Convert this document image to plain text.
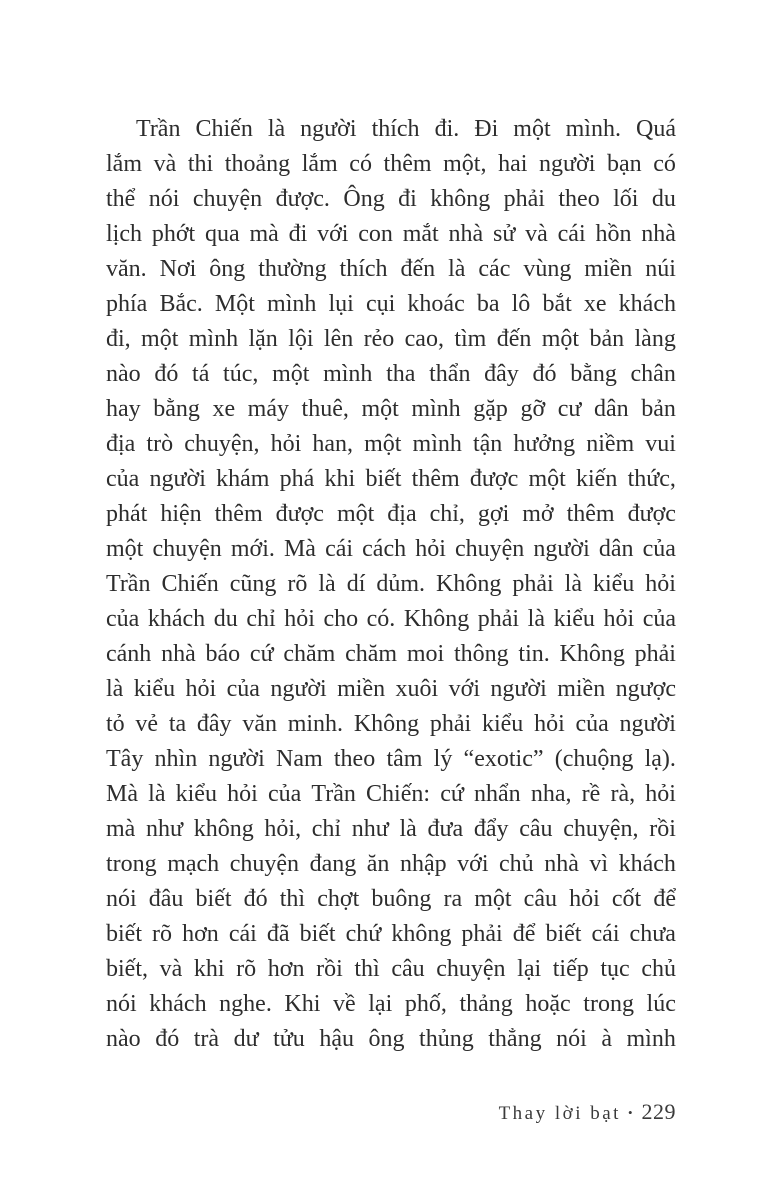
Trần Chiến là người thích đi. Đi một mình. Quá
lắm và thi thoảng lắm có thêm một, hai người bạn có
thể nói chuyện được. Ông đi không phải theo lối du
lịch phớt qua mà đi với con mắt nhà sử và cái hồn nhà
văn. Nơi ông thường thích đến là các vùng miền núi
phía Bắc. Một mình lụi cụi khoác ba lô bắt xe khách
đi, một mình lặn lội lên rẻo cao, tìm đến một bản làng
nào đó tá túc, một mình tha thẩn đây đó bằng chân
hay bằng xe máy thuê, một mình gặp gỡ cư dân bản
địa trò chuyện, hỏi han, một mình tận hưởng niềm vui
của người khám phá khi biết thêm được một kiến thức,
phát hiện thêm được một địa chỉ, gợi mở thêm được
một chuyện mới. Mà cái cách hỏi chuyện người dân của
Trần Chiến cũng rõ là dí dủm. Không phải là kiểu hỏi
của khách du chỉ hỏi cho có. Không phải là kiểu hỏi của
cánh nhà báo cứ chăm chăm moi thông tin. Không phải
là kiểu hỏi của người miền xuôi với người miền ngược
tỏ vẻ ta đây văn minh. Không phải kiểu hỏi của người
Tây nhìn người Nam theo tâm lý “exotic” (chuộng lạ).
Mà là kiểu hỏi của Trần Chiến: cứ nhẩn nha, rề rà, hỏi
mà như không hỏi, chỉ như là đưa đẩy câu chuyện, rồi
trong mạch chuyện đang ăn nhập với chủ nhà vì khách
nói đâu biết đó thì chợt buông ra một câu hỏi cốt để
biết rõ hơn cái đã biết chứ không phải để biết cái chưa
biết, và khi rõ hơn rồi thì câu chuyện lại tiếp tục chủ
nói khách nghe. Khi về lại phố, thảng hoặc trong lúc
nào đó trà dư tửu hậu ông thủng thẳng nói à mình
Thay lời bạt • 229
